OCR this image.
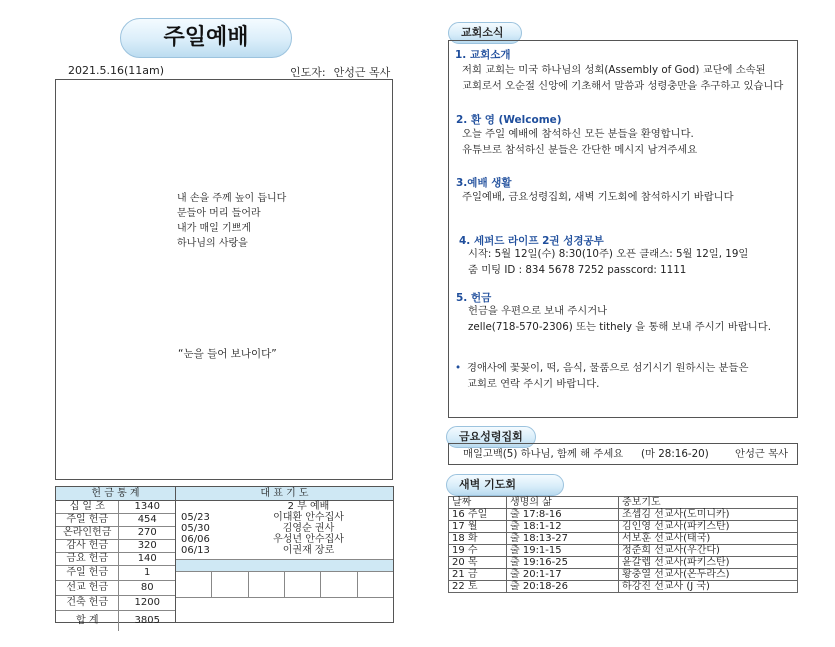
주일예배
2021.5.16(11am)	인도자: 안성근 목사
내 손을 주께 높이 듭니다
문들아 머리 들어라
내가 매일 기쁘게
하나님의 사랑을
“눈을 들어 보나이다”
헌 금 통 계
십 일 조	1340
주일 헌금	454
온라인헌금	270
감사 헌금	320
금요 헌금	140
주일 헌금	1
선교 헌금	80
건축 헌금	1200
합 계	3805
대 표 기 도
2 부 예배
05/23	이대환 안수집사
05/30	김영순 권사
06/06	우성년 안수집사
06/13	이권재 장로
교회소식
1. 교회소개
저희 교회는 미국 하나님의 성회(Assembly of God) 교단에 소속된
교회로서 오순절 신앙에 기초해서 말씀과 성령충만을 추구하고 있습니다
2. 환 영 (Welcome)
오늘 주일 예배에 참석하신 모든 분들을 환영합니다.
유튜브로 참석하신 분들은 간단한 메시지 남겨주세요
3.예배 생활
주일예배, 금요성령집회, 새벽 기도회에 참석하시기 바랍니다
4. 세퍼드 라이프 2권 성경공부
시작: 5월 12일(수) 8:30(10주) 오픈 클래스: 5월 12일, 19일
줌 미팅 ID : 834 5678 7252 passcord: 1111
5. 헌금
헌금을 우편으로 보내 주시거나
zelle(718-570-2306) 또는 tithely 을 통해 보내 주시기 바랍니다.
• 경애사에 꽃꽂이, 떡, 음식, 물품으로 섬기시기 원하시는 분들은
교회로 연락 주시기 바랍니다.
금요성령집회
매일고백(5) 하나님, 함께 해 주세요 (마 28:16-20)	안성근 목사
새벽 기도회
날짜	생명의 삶	중보기도
16 주일	출 17:8-16	조셉김 선교사(도미니카)
17 월	출 18:1-12	김인영 선교사(파키스탄)
18 화	출 18:13-27	서보훈 선교사(태국)
19 수	출 19:1-15	정준희 선교사(우간다)
20 목	출 19:16-25	윤갈렙 선교사(파키스탄)
21 금	출 20:1-17	황충열 선교사(온두라스)
22 토	출 20:18-26	하강진 선교사 (J 국)
